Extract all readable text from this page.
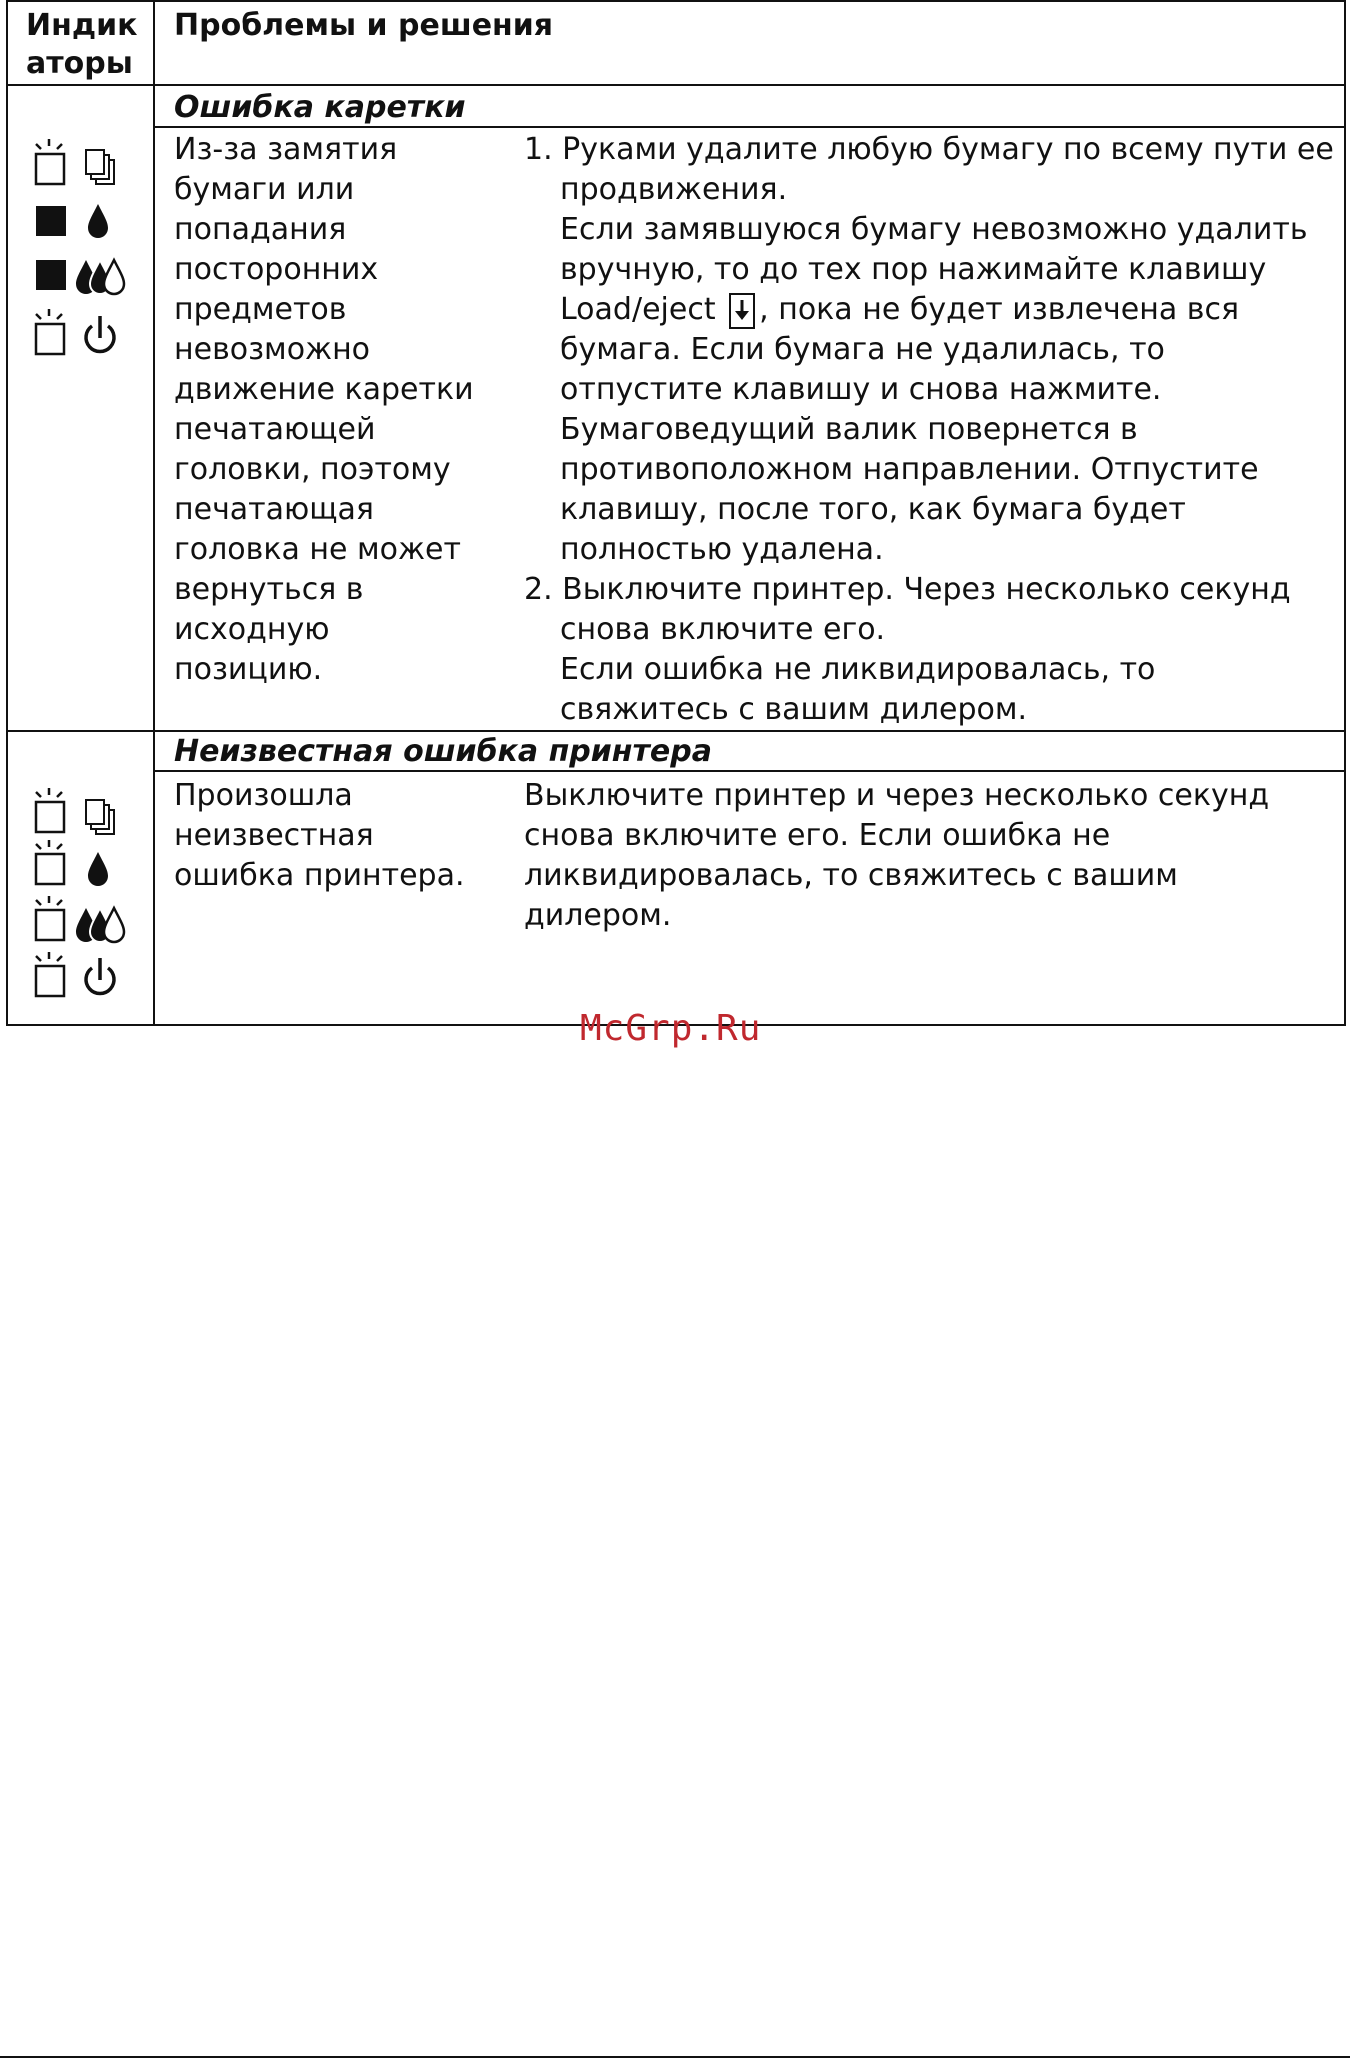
Индик
аторы
Проблемы и решения
Ошибка каретки
Из-за замятия
бумаги или
попадания
посторонних
предметов
невозможно
движение каретки
печатающей
головки, поэтому
печатающая
головка не может
вернуться в
исходную
позицию.
1. Руками удалите любую бумагу по всему пути ее
продвижения.
Если замявшуюся бумагу невозможно удалить
вручную, то до тех пор нажимайте клавишу
Load/eject , пока не будет извлечена вся
бумага. Если бумага не удалилась, то
отпустите клавишу и снова нажмите.
Бумаговедущий валик повернется в
противоположном направлении. Отпустите
клавишу, после того, как бумага будет
полностью удалена.
2. Выключите принтер. Через несколько секунд
снова включите его.
Если ошибка не ликвидировалась, то
свяжитесь с вашим дилером.
Неизвестная ошибка принтера
Произошла
неизвестная
ошибка принтера.
Выключите принтер и через несколько секунд
снова включите его. Если ошибка не
ликвидировалась, то свяжитесь с вашим
дилером.
McGrp.Ru
